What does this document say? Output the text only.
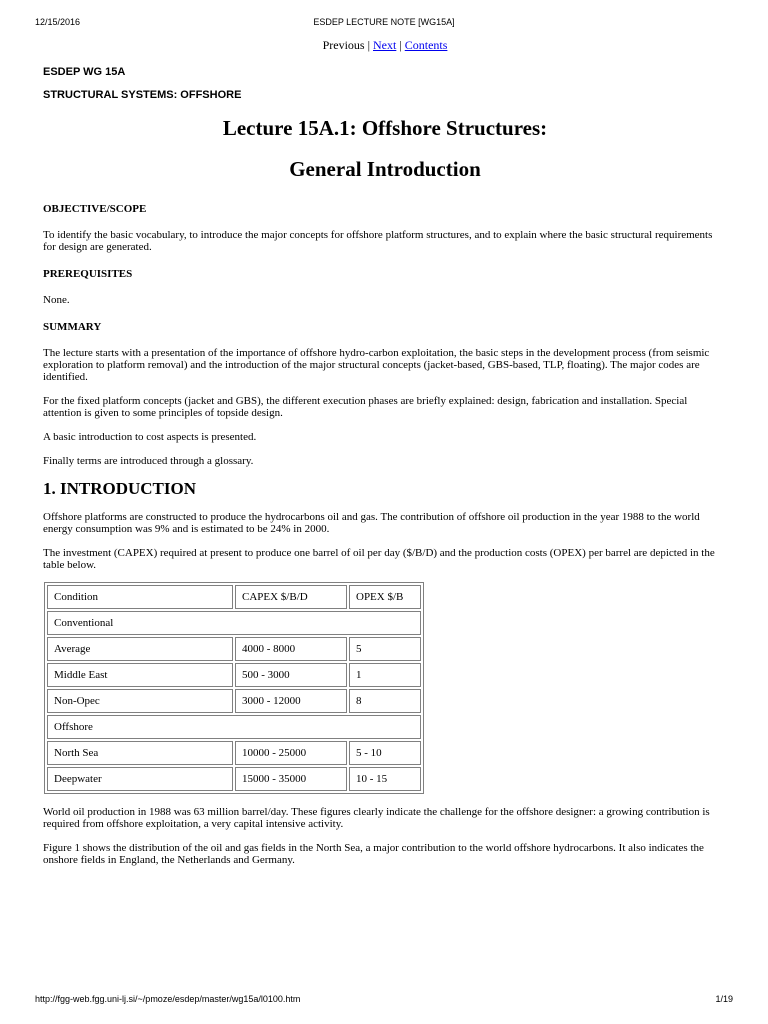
12/15/2016	ESDEP LECTURE NOTE [WG15A]
Previous | Next | Contents

ESDEP WG 15A

STRUCTURAL SYSTEMS: OFFSHORE

Lecture 15A.1: Offshore Structures:
General Introduction
OBJECTIVE/SCOPE

To identify the basic vocabulary, to introduce the major concepts for offshore platform structures, and to explain where the basic structural requirements for design are generated.

PREREQUISITES

None.

SUMMARY

The lecture starts with a presentation of the importance of offshore hydro-carbon exploitation, the basic steps in the development process (from seismic exploration to platform removal) and the introduction of the major structural concepts (jacket-based, GBS-based, TLP, floating). The major codes are identified.

For the fixed platform concepts (jacket and GBS), the different execution phases are briefly explained: design, fabrication and installation. Special attention is given to some principles of topside design.

A basic introduction to cost aspects is presented.

Finally terms are introduced through a glossary.

1. INTRODUCTION

Offshore platforms are constructed to produce the hydrocarbons oil and gas. The contribution of offshore oil production in the year 1988 to the world energy consumption was 9% and is estimated to be 24% in 2000.

The investment (CAPEX) required at present to produce one barrel of oil per day ($/B/D) and the production costs (OPEX) per barrel are depicted in the table below.

Condition	CAPEX $/B/D	OPEX $/B
Conventional		
Average	4000 - 8000	5
Middle East	500 - 3000	1
Non-Opec	3000 - 12000	8
Offshore		
North Sea	10000 - 25000	5 - 10
Deepwater	15000 - 35000	10 - 15

World oil production in 1988 was 63 million barrel/day. These figures clearly indicate the challenge for the offshore designer: a growing contribution is required from offshore exploitation, a very capital intensive activity.

Figure 1 shows the distribution of the oil and gas fields in the North Sea, a major contribution to the world offshore hydrocarbons. It also indicates the onshore fields in England, the Netherlands and Germany.

http://fgg-web.fgg.uni-lj.si/~/pmoze/esdep/master/wg15a/l0100.htm	1/19
